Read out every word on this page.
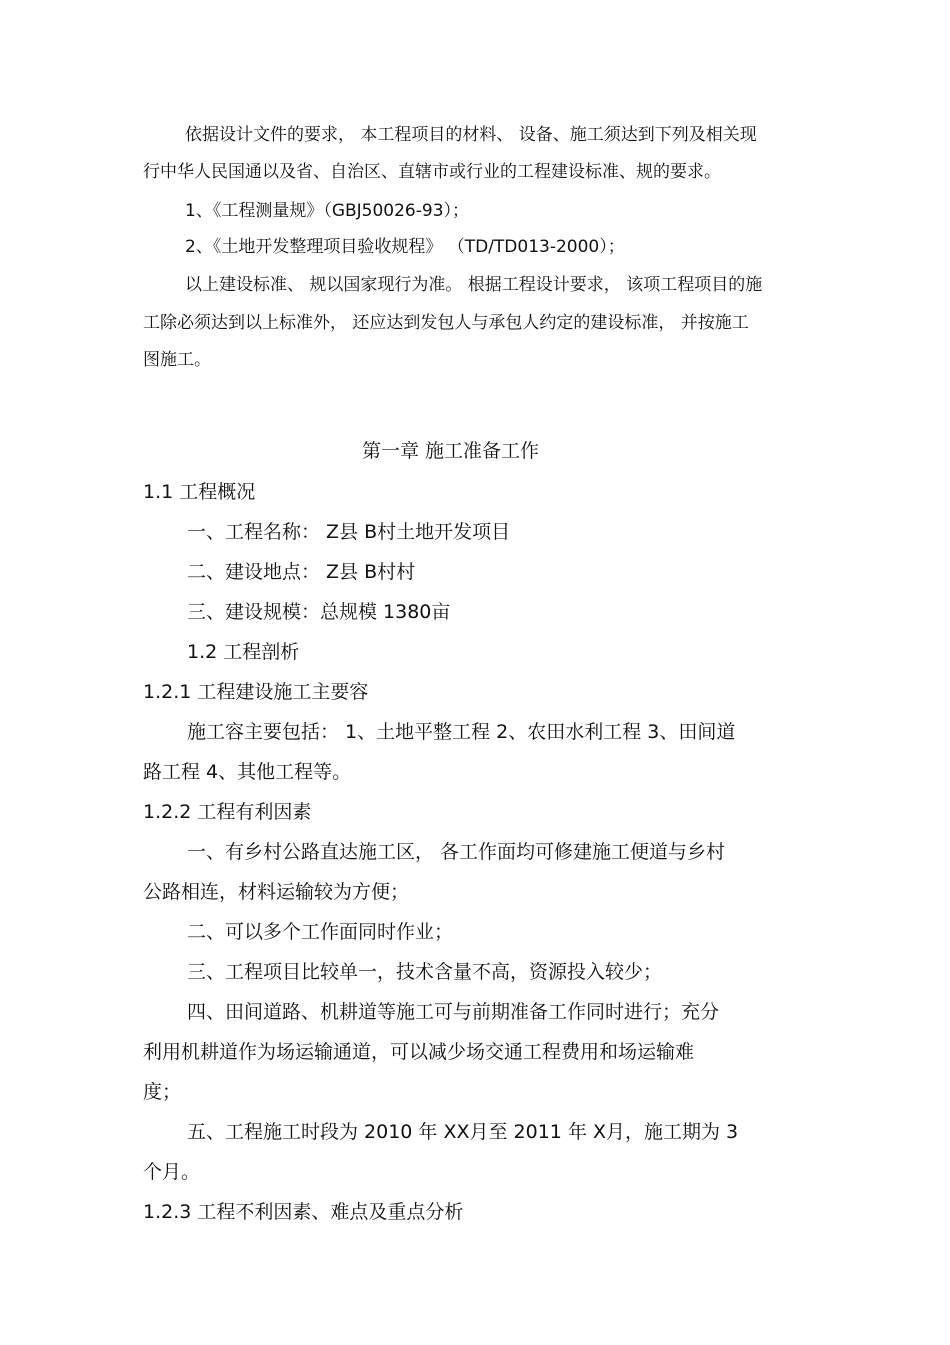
依据设计文件的要求， 本工程项目的材料、 设备、施工须达到下列及相关现
行中华人民国通以及省、自治区、直辖市或行业的工程建设标准、规的要求。
1、《工程测量规》（GBJ50026-93）；
2、《土地开发整理项目验收规程》 （TD/TD013-2000）；
以上建设标准、 规以国家现行为准。 根据工程设计要求， 该项工程项目的施
工除必须达到以上标准外， 还应达到发包人与承包人约定的建设标准， 并按施工
图施工。
第一章 施工准备工作
1.1 工程概况
一、工程名称： Z县 B村土地开发项目
二、建设地点： Z县 B村村
三、建设规模：总规模 1380亩
1.2 工程剖析
1.2.1 工程建设施工主要容
施工容主要包括： 1、土地平整工程 2、农田水利工程 3、田间道
路工程 4、其他工程等。
1.2.2 工程有利因素
一、有乡村公路直达施工区， 各工作面均可修建施工便道与乡村
公路相连，材料运输较为方便；
二、可以多个工作面同时作业；
三、工程项目比较单一，技术含量不高，资源投入较少；
四、田间道路、机耕道等施工可与前期准备工作同时进行；充分
利用机耕道作为场运输通道，可以减少场交通工程费用和场运输难
度；
五、工程施工时段为 2010 年 XX月至 2011 年 X月，施工期为 3
个月。
1.2.3 工程不利因素、难点及重点分析
